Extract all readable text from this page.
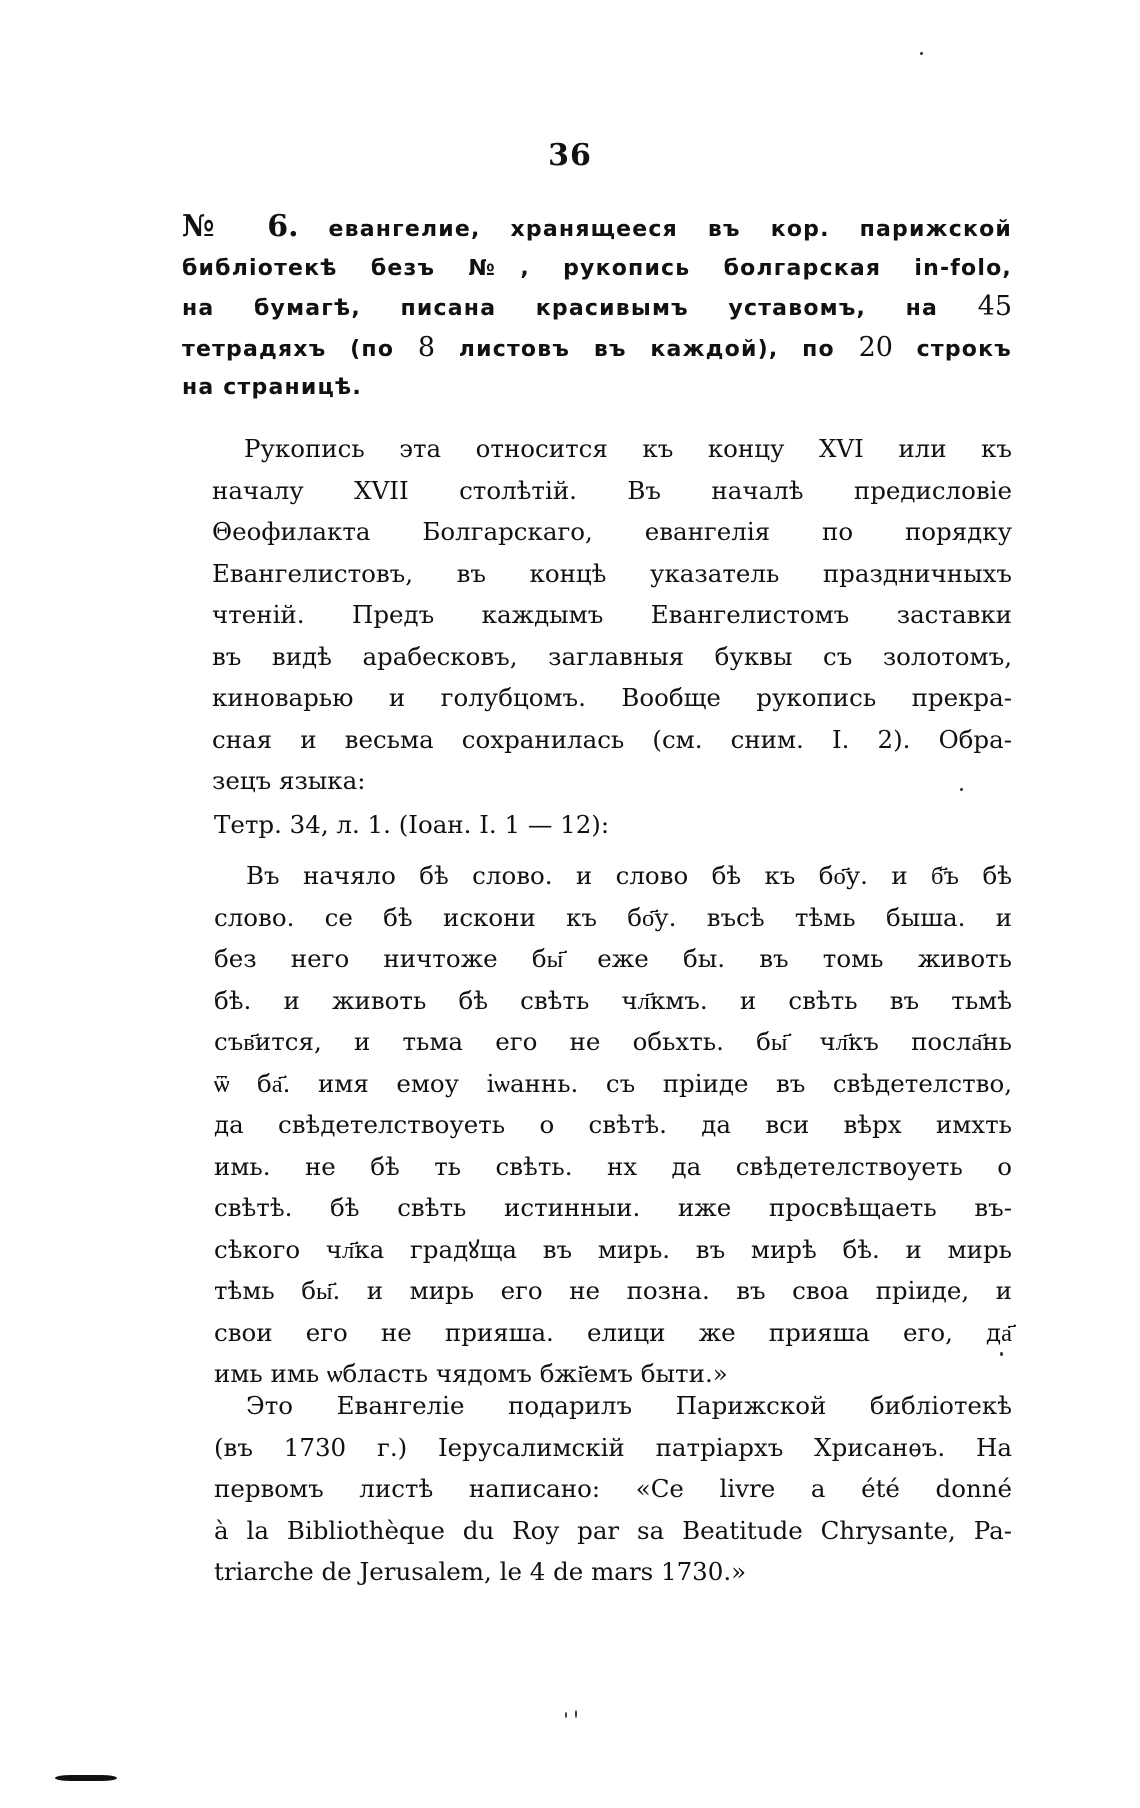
36
№ 6. евангелие, хранящееся въ кор. парижской
библіотекѣ безъ №, рукопись болгарская in-folo,
на бумагѣ, писана красивымъ уставомъ, на 45
тетрадяхъ (по 8 листовъ въ каждой), по 20 строкъ
на страницѣ.
Рукопись эта относится къ концу XVI или къ
началу XVII столѣтій. Въ началѣ предисловіе
Θеофилакта Болгарскаго, евангелія по порядку
Евангелистовъ, въ концѣ указатель праздничныхъ
чтеній. Предъ каждымъ Евангелистомъ заставки
въ видѣ арабесковъ, заглавныя буквы съ золотомъ,
киноварью и голубцомъ. Вообще рукопись прекра-
сная и весьма сохранилась (см. сним. I. 2). Обра-
зецъ языка:
Тетр. 34, л. 1. (Іоан. I. 1 — 12):
Въ начяло бѣ слово. и слово бѣ къ бо҃у. и б҃ъ бѣ
слово. се бѣ искони къ бо҃у. въсѣ тѣмь быша. и
без него ничтоже бы҃ еже бы. въ томь животь
бѣ. и животь бѣ свѣть чл҃кмъ. и свѣть въ тьмѣ
съв҃ится, и тьма его не обьхть. бы҃ чл҃къ посла҃нь
ѿ ба҃. имя емоу іѡаннь. съ пріиде въ свѣдетелство,
да свѣдетелствоуеть о свѣтѣ. да вси вѣрх имхть
имь. не бѣ ть свѣть. нх да свѣдетелствоуеть о
свѣтѣ. бѣ свѣть истинныи. иже просвѣщаеть въ-
сѣкого чл҃ка градꙋща въ мирь. въ мирѣ бѣ. и мирь
тѣмь бы҃. и мирь его не позна. въ своа пріиде, и
свои его не прияша. елици же прияша его, да҃
имь имь ѡбласть чядомъ бжі҃емъ быти.»
Это Евангеліе подарилъ Парижской библіотекѣ
(въ 1730 г.) Іерусалимскій патріархъ Хрисанѳъ. На
первомъ листѣ написано: «Ce livre a été donné
à la Bibliothèque du Roy par sa Beatitude Chrysante, Pa-
triarche de Jerusalem, le 4 de mars 1730.»
